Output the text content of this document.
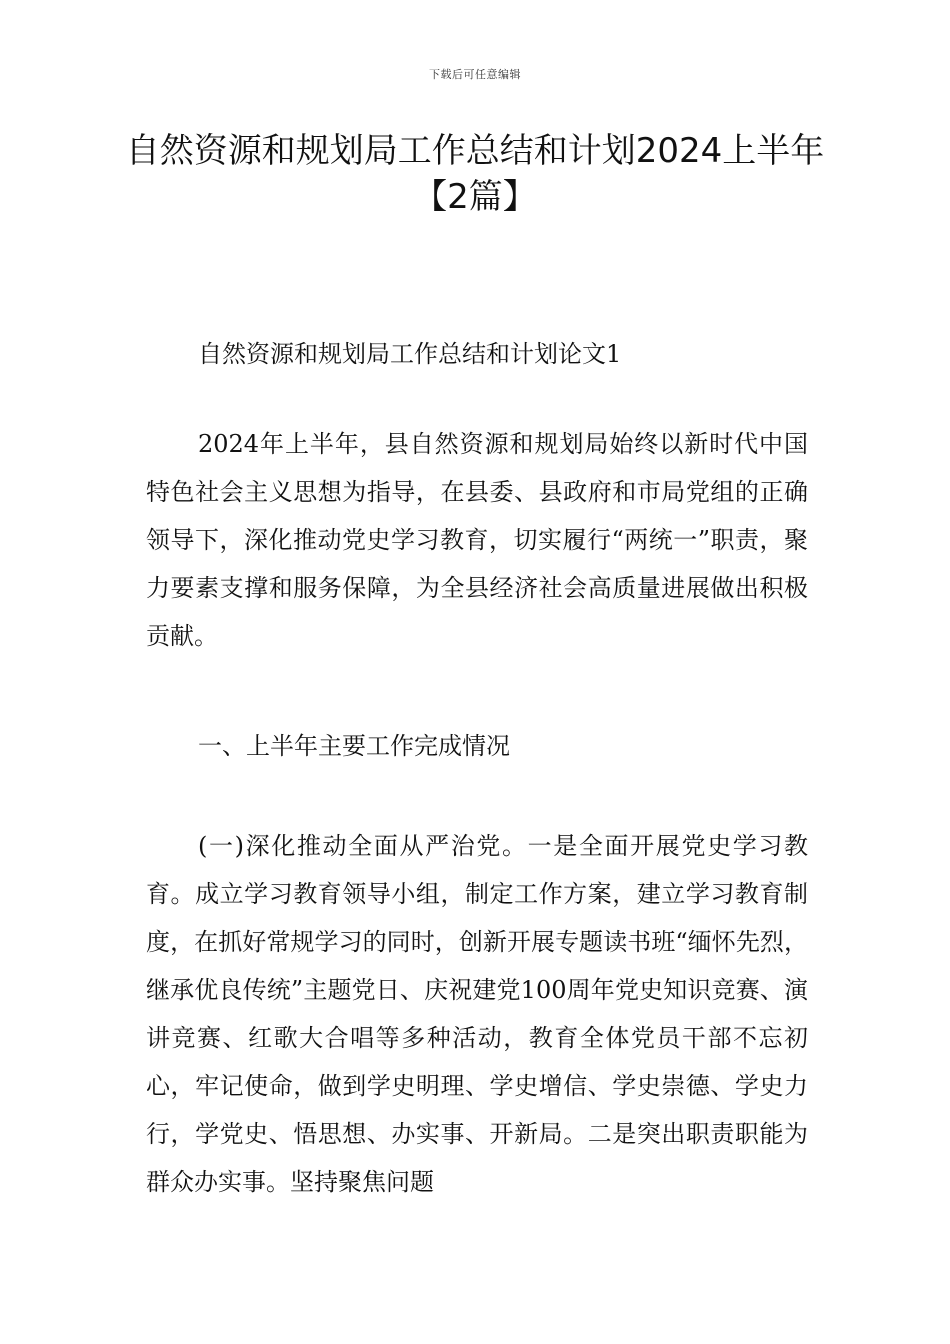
下载后可任意编辑
自然资源和规划局工作总结和计划2024上半年【2篇】

自然资源和规划局工作总结和计划论文1

2024年上半年，县自然资源和规划局始终以新时代中国特色社会主义思想为指导，在县委、县政府和市局党组的正确领导下，深化推动党史学习教育，切实履行“两统一”职责，聚力要素支撑和服务保障，为全县经济社会高质量进展做出积极贡献。

一、上半年主要工作完成情况

(一)深化推动全面从严治党。一是全面开展党史学习教育。成立学习教育领导小组，制定工作方案，建立学习教育制度，在抓好常规学习的同时，创新开展专题读书班“缅怀先烈，继承优良传统”主题党日、庆祝建党100周年党史知识竞赛、演讲竞赛、红歌大合唱等多种活动，教育全体党员干部不忘初心，牢记使命，做到学史明理、学史增信、学史崇德、学史力行，学党史、悟思想、办实事、开新局。二是突出职责职能为群众办实事。坚持聚焦问题
